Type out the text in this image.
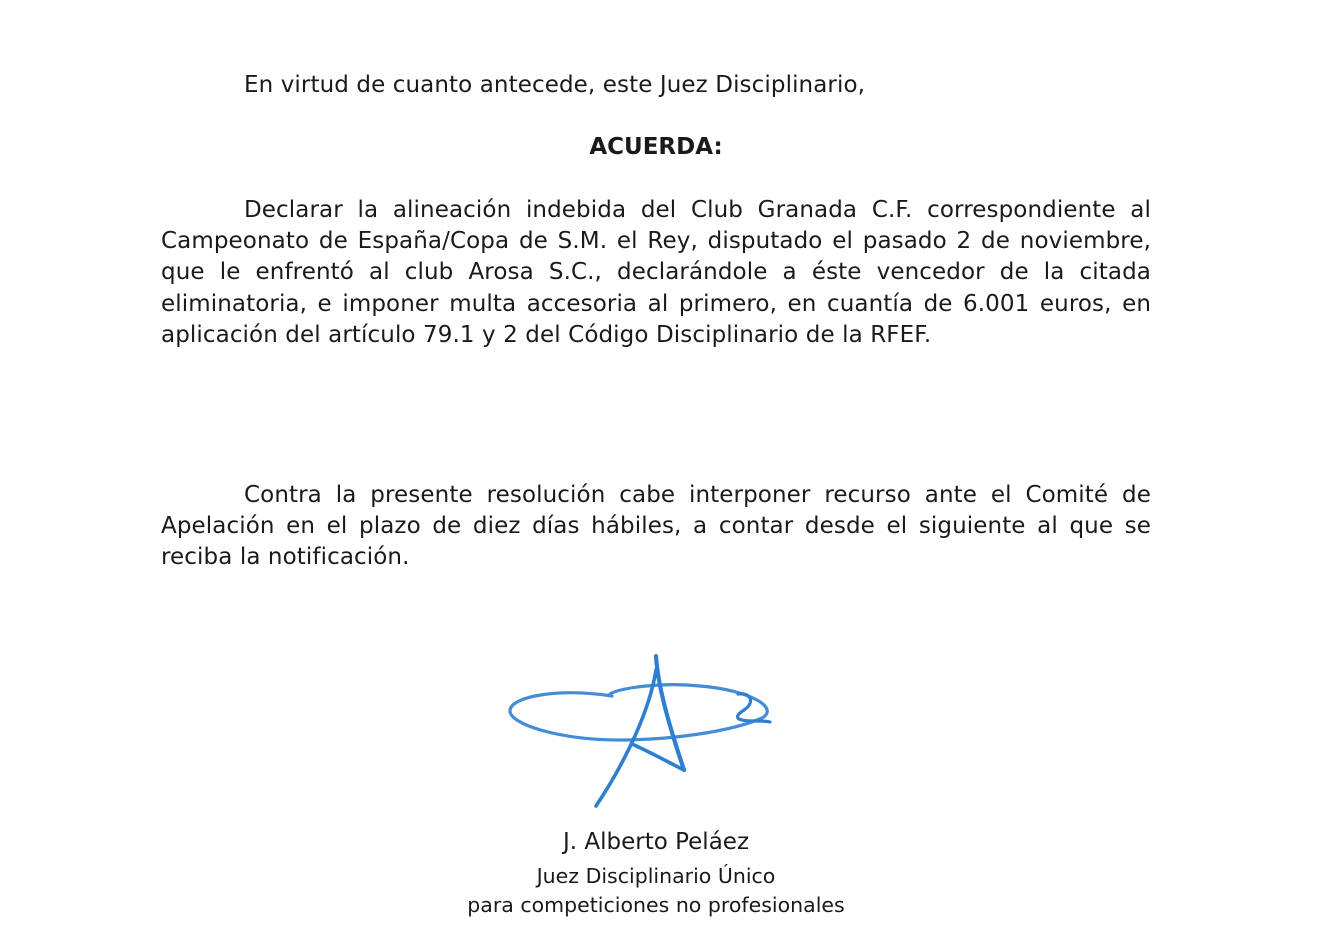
En virtud de cuanto antecede, este Juez Disciplinario,

ACUERDA:

Declarar la alineación indebida del Club Granada C.F. correspondiente al Campeonato de España/Copa de S.M. el Rey, disputado el pasado 2 de noviembre, que le enfrentó al club Arosa S.C., declarándole a éste vencedor de la citada eliminatoria, e imponer multa accesoria al primero, en cuantía de 6.001 euros, en aplicación del artículo 79.1 y 2 del Código Disciplinario de la RFEF.

Contra la presente resolución cabe interponer recurso ante el Comité de Apelación en el plazo de diez días hábiles, a contar desde el siguiente al que se reciba la notificación.

J. Alberto Peláez

Juez Disciplinario Único

para competiciones no profesionales
